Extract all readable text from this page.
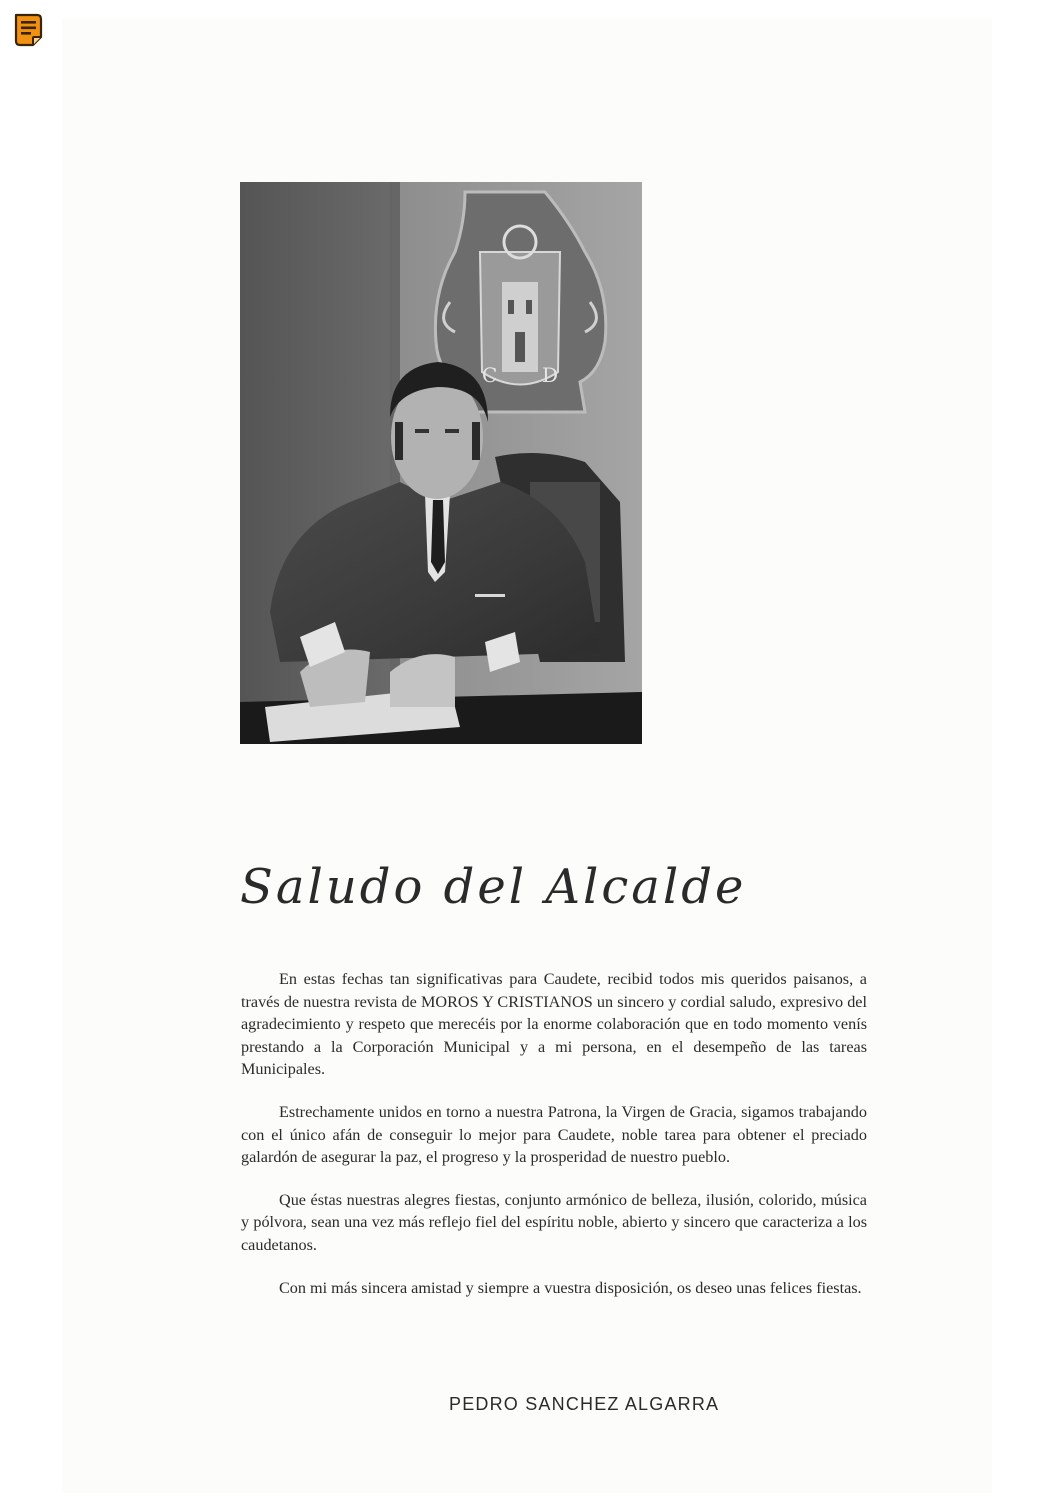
C D
Saludo del Alcalde

En estas fechas tan significativas para Caudete, recibid todos mis queridos paisanos, a través de nuestra revista de MOROS Y CRISTIANOS un sincero y cordial saludo, expresivo del agradecimiento y respeto que merecéis por la enorme colaboración que en todo momento venís prestando a la Corporación Municipal y a mi persona, en el desempeño de las tareas Municipales.

Estrechamente unidos en torno a nuestra Patrona, la Virgen de Gracia, sigamos trabajando con el único afán de conseguir lo mejor para Caudete, noble tarea para obtener el preciado galardón de asegurar la paz, el progreso y la prosperidad de nuestro pueblo.

Que éstas nuestras alegres fiestas, conjunto armónico de belleza, ilusión, colorido, música y pólvora, sean una vez más reflejo fiel del espíritu noble, abierto y sincero que caracteriza a los caudetanos.

Con mi más sincera amistad y siempre a vuestra disposición, os deseo unas felices fiestas.

PEDRO SANCHEZ ALGARRA
